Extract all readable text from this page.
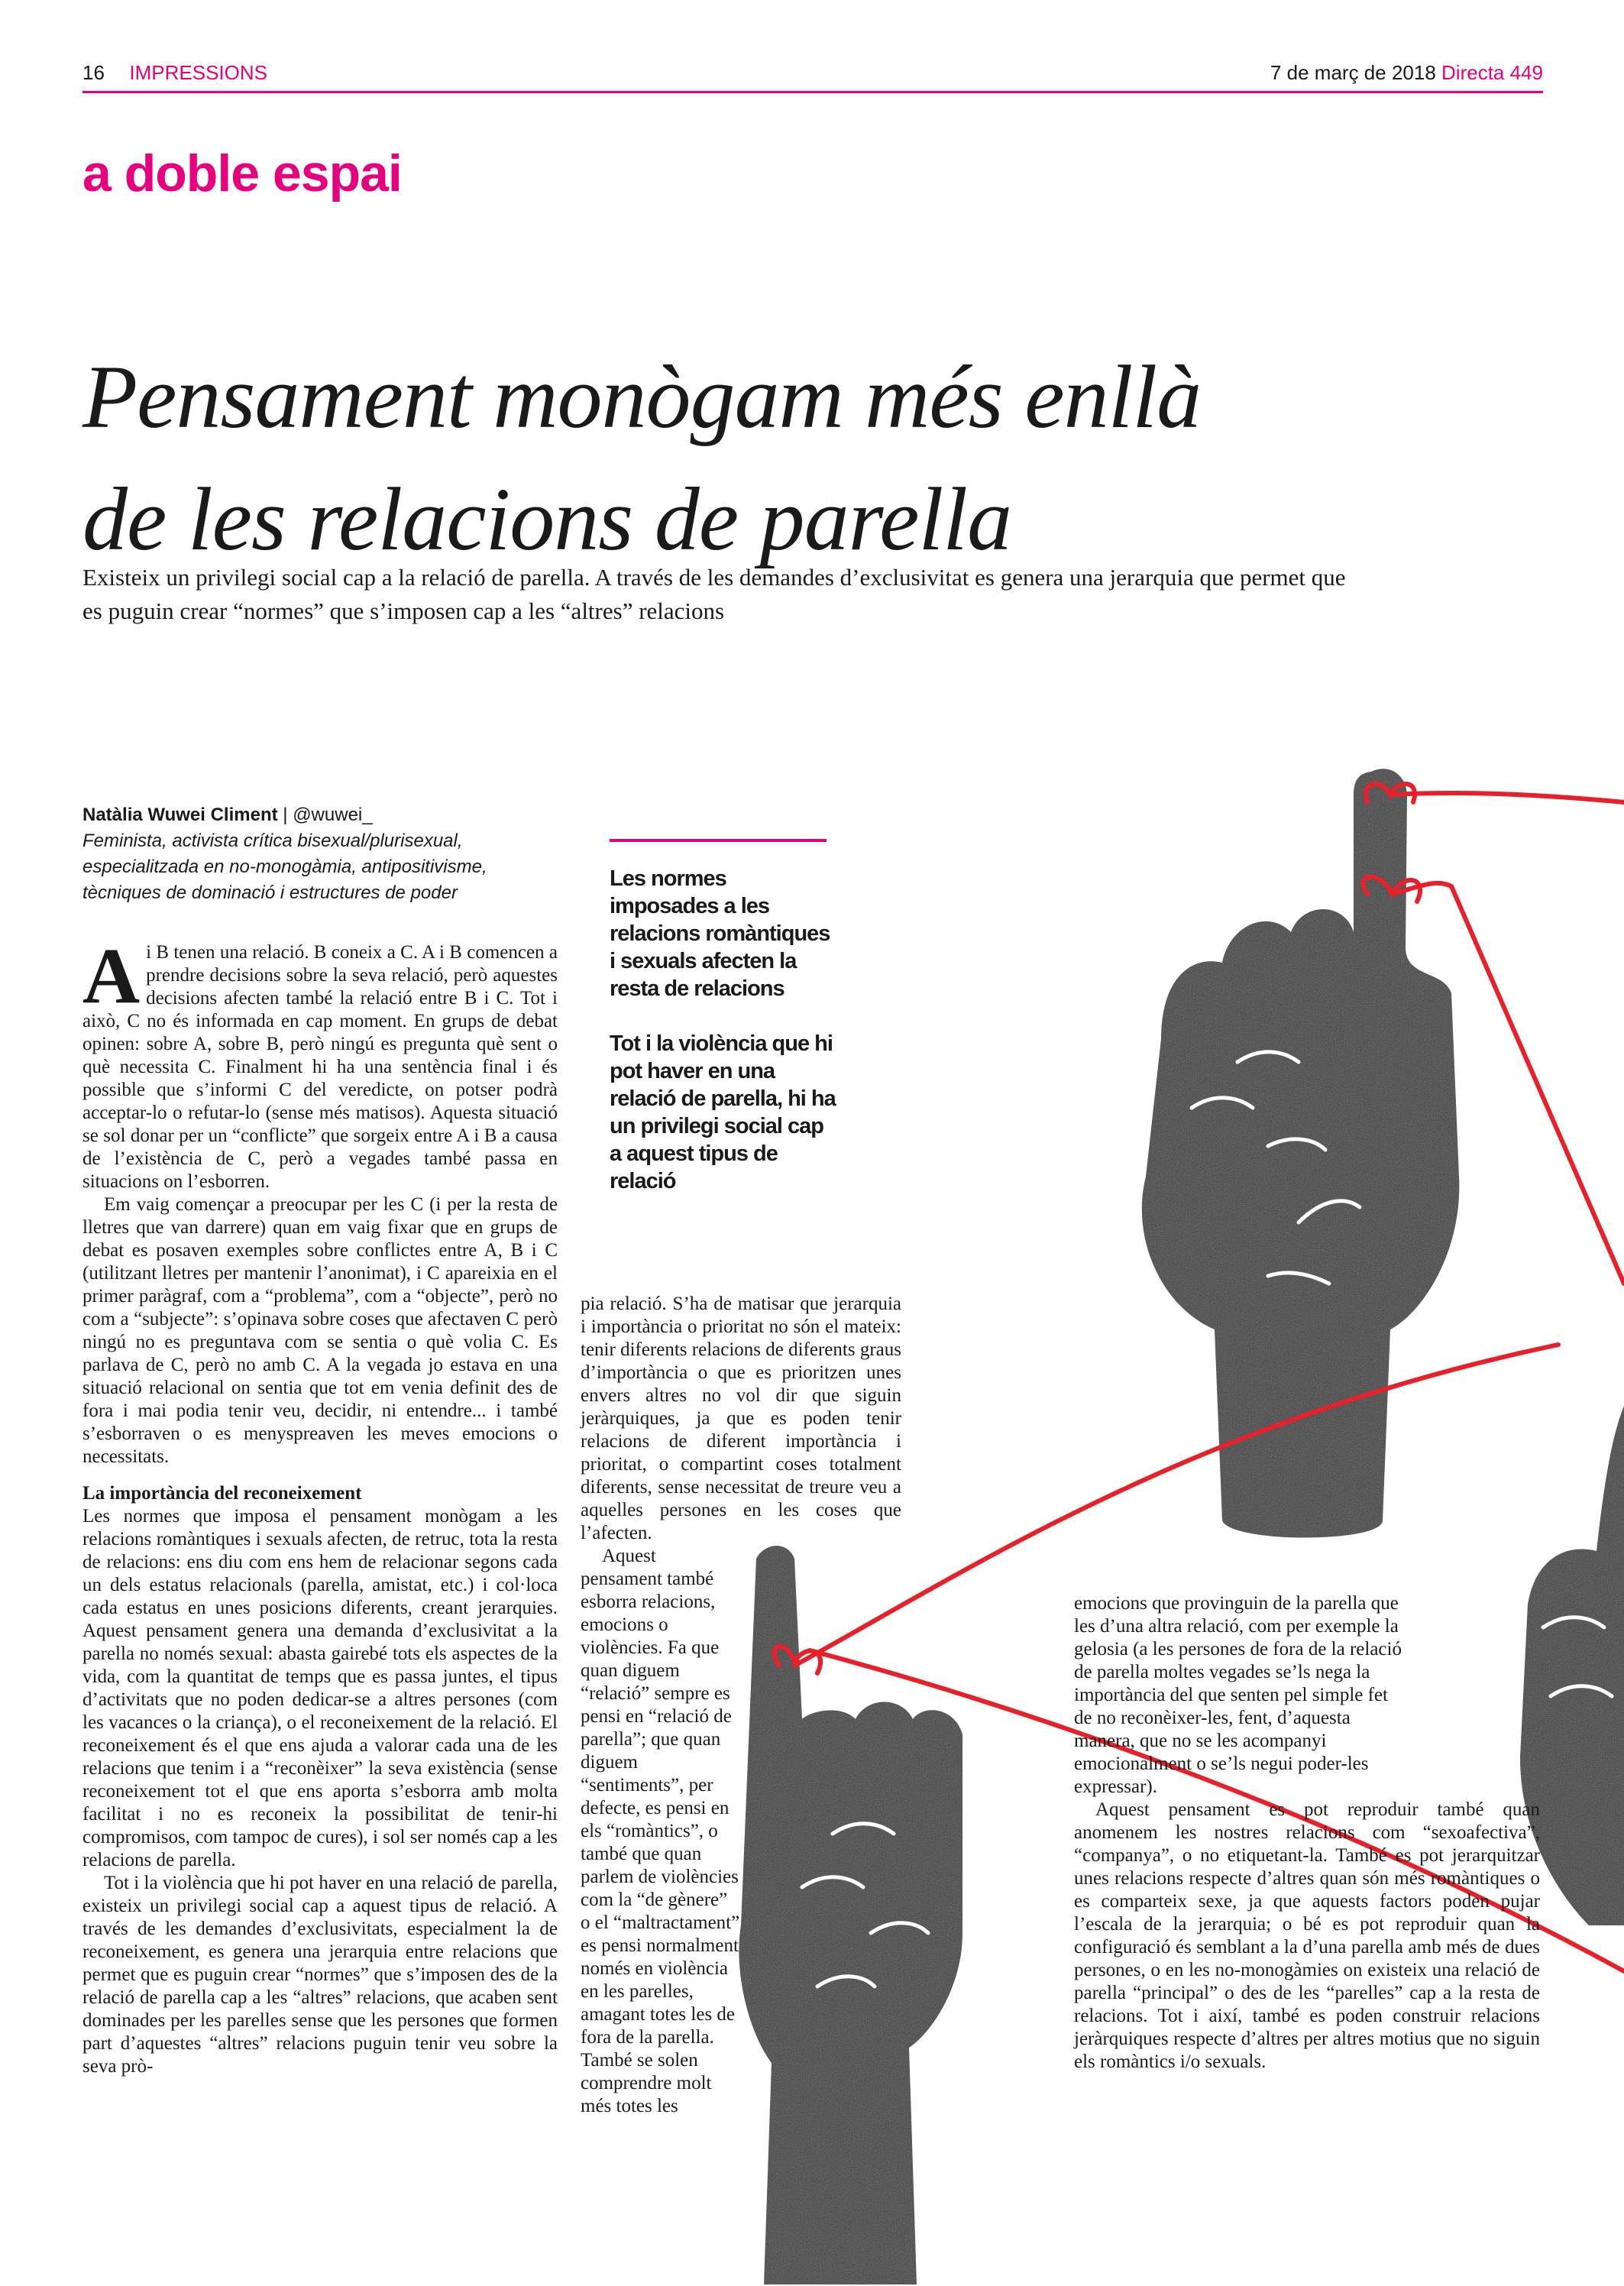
16 IMPRESSIONS	7 de març de 2018 Directa 449
a doble espai
Pensament monògam més enllà
de les relacions de parella

Existeix un privilegi social cap a la relació de parella. A través de les demandes d’exclusivitat es genera una jerarquia que permet que es puguin crear “normes” que s’imposen cap a les “altres” relacions

Natàlia Wuwei Climent | @wuwei_
Feminista, activista crítica bisexual/plurisexual, especialitzada en no-monogàmia, antipositivisme, tècniques de dominació i estructures de poder

Les normes imposades a les relacions romàntiques i sexuals afecten la resta de relacions

Tot i la violència que hi pot haver en una relació de parella, hi ha un privilegi social cap a aquest tipus de relació

A i B tenen una relació. B coneix a C. A i B comencen a prendre decisions sobre la seva relació, però aquestes decisions afecten també la relació entre B i C. Tot i això, C no és informada en cap moment. En grups de debat opinen: sobre A, sobre B, però ningú es pregunta què sent o què necessita C. Finalment hi ha una sentència final i és possible que s’informi C del veredicte, on potser podrà acceptar-lo o refutar-lo (sense més matisos). Aquesta situació se sol donar per un “conflicte” que sorgeix entre A i B a causa de l’existència de C, però a vegades també passa en situacions on l’esborren.

Em vaig començar a preocupar per les C (i per la resta de lletres que van darrere) quan em vaig fixar que en grups de debat es posaven exemples sobre conflictes entre A, B i C (utilitzant lletres per mantenir l’anonimat), i C apareixia en el primer paràgraf, com a “problema”, com a “objecte”, però no com a “subjecte”: s’opinava sobre coses que afectaven C però ningú no es preguntava com se sentia o què volia C. Es parlava de C, però no amb C. A la vegada jo estava en una situació relacional on sentia que tot em venia definit des de fora i mai podia tenir veu, decidir, ni entendre... i també s’esborraven o es menyspreaven les meves emocions o necessitats.

La importància del reconeixement

Les normes que imposa el pensament monògam a les relacions romàntiques i sexuals afecten, de retruc, tota la resta de relacions: ens diu com ens hem de relacionar segons cada un dels estatus relacionals (parella, amistat, etc.) i col·loca cada estatus en unes posicions diferents, creant jerarquies. Aquest pensament genera una demanda d’exclusivitat a la parella no només sexual: abasta gairebé tots els aspectes de la vida, com la quantitat de temps que es passa juntes, el tipus d’activitats que no poden dedicar-se a altres persones (com les vacances o la criança), o el reconeixement de la relació. El reconeixement és el que ens ajuda a valorar cada una de les relacions que tenim i a “reconèixer” la seva existència (sense reconeixement tot el que ens aporta s’esborra amb molta facilitat i no es reconeix la possibilitat de tenir-hi compromisos, com tampoc de cures), i sol ser només cap a les relacions de parella.

Tot i la violència que hi pot haver en una relació de parella, existeix un privilegi social cap a aquest tipus de relació. A través de les demandes d’exclusivitats, especialment la de reconeixement, es genera una jerarquia entre relacions que permet que es puguin crear “normes” que s’imposen des de la relació de parella cap a les “altres” relacions, que acaben sent dominades per les parelles sense que les persones que formen part d’aquestes “altres” relacions puguin tenir veu sobre la seva prò-

pia relació. S’ha de matisar que jerarquia i importància o prioritat no són el mateix: tenir diferents relacions de diferents graus d’importància o que es prioritzen unes envers altres no vol dir que siguin jeràrquiques, ja que es poden tenir relacions de diferent importància i prioritat, o compartint coses totalment diferents, sense necessitat de treure veu a aquelles persones en les coses que l’afecten.

Aquest pensament també esborra relacions, emocions o violències. Fa que quan diguem “relació” sempre es pensi en “relació de parella”; que quan diguem “sentiments”, per defecte, es pensi en els “romàntics”, o també que quan parlem de violències com la “de gènere” o el “maltractament” es pensi normalment només en violència en les parelles, amagant totes les de fora de la parella. També se solen comprendre molt més totes les

emocions que provinguin de la parella que les d’una altra relació, com per exemple la gelosia (a les persones de fora de la relació de parella moltes vegades se’ls nega la importància del que senten pel simple fet de no reconèixer-les, fent, d’aquesta manera, que no se les acompanyi emocionalment o se’ls negui poder-les expressar).

Aquest pensament es pot reproduir també quan anomenem les nostres relacions com “sexoafectiva”, “companya”, o no etiquetant-la. També es pot jerarquitzar unes relacions respecte d’altres quan són més romàntiques o es comparteix sexe, ja que aquests factors poden pujar l’escala de la jerarquia; o bé es pot reproduir quan la configuració és semblant a la d’una parella amb més de dues persones, o en les no-monogàmies on existeix una relació de parella “principal” o des de les “parelles” cap a la resta de relacions. Tot i així, també es poden construir relacions jeràrquiques respecte d’altres per altres motius que no siguin els romàntics i/o sexuals.
